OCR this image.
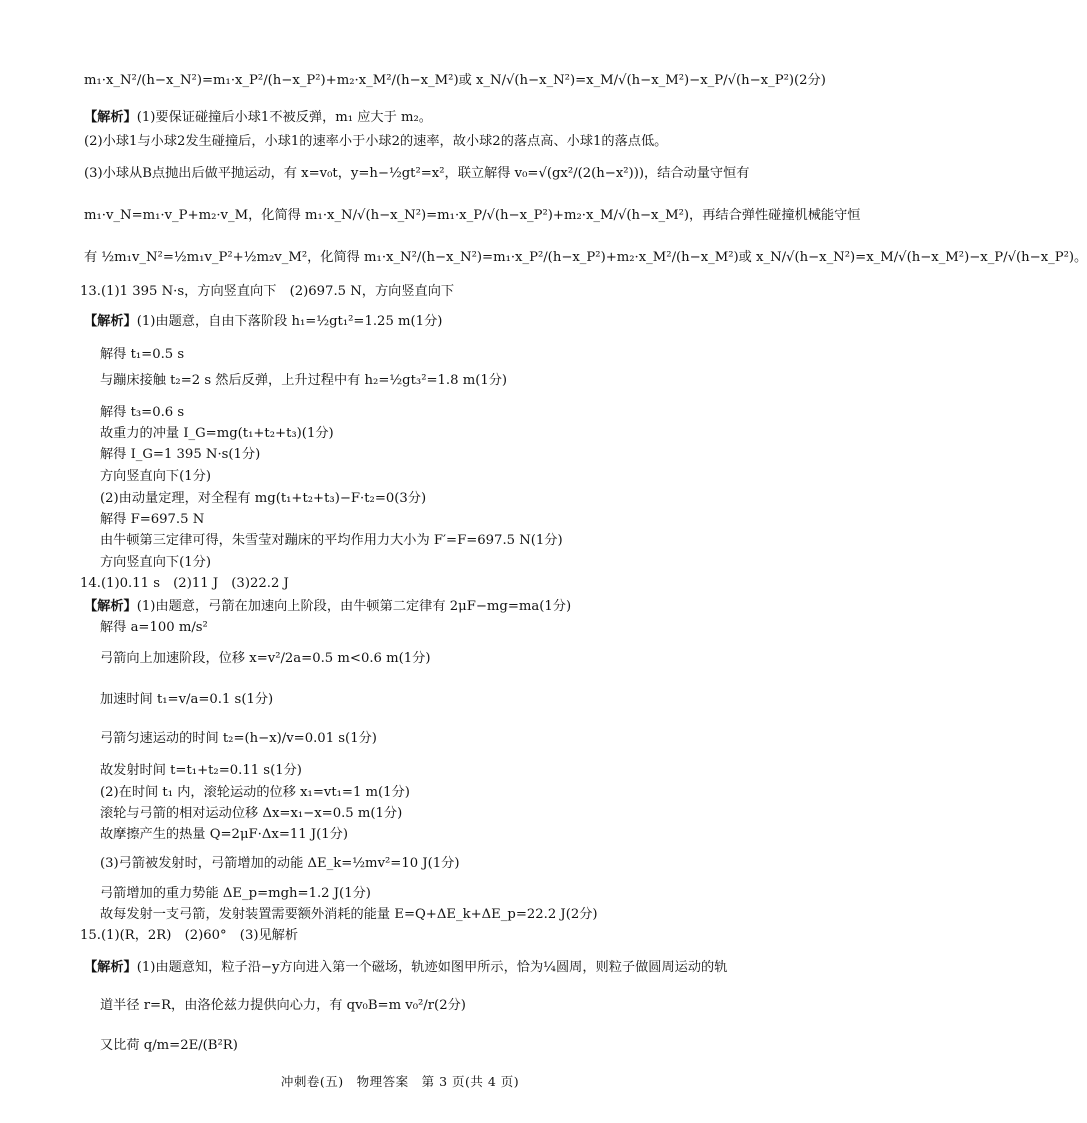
m₁·x_N²/(h−x_N²)=m₁·x_P²/(h−x_P²)+m₂·x_M²/(h−x_M²)或 x_N/√(h−x_N²)=x_M/√(h−x_M²)−x_P/√(h−x_P²)(2分)
【解析】(1)要保证碰撞后小球1不被反弹，m₁ 应大于 m₂。
(2)小球1与小球2发生碰撞后，小球1的速率小于小球2的速率，故小球2的落点高、小球1的落点低。
(3)小球从B点抛出后做平抛运动，有 x=v₀t，y=h−½gt²=x²，联立解得 v₀=√(gx²/(2(h−x²)))，结合动量守恒有
m₁·v_N=m₁·v_P+m₂·v_M，化简得 m₁·x_N/√(h−x_N²)=m₁·x_P/√(h−x_P²)+m₂·x_M/√(h−x_M²)，再结合弹性碰撞机械能守恒
有 ½m₁v_N²=½m₁v_P²+½m₂v_M²，化简得 m₁·x_N²/(h−x_N²)=m₁·x_P²/(h−x_P²)+m₂·x_M²/(h−x_M²)或 x_N/√(h−x_N²)=x_M/√(h−x_M²)−x_P/√(h−x_P²)。
13.(1)1 395 N·s，方向竖直向下　(2)697.5 N，方向竖直向下
【解析】(1)由题意，自由下落阶段 h₁=½gt₁²=1.25 m(1分)
解得 t₁=0.5 s
与蹦床接触 t₂=2 s 然后反弹，上升过程中有 h₂=½gt₃²=1.8 m(1分)
解得 t₃=0.6 s
故重力的冲量 I_G=mg(t₁+t₂+t₃)(1分)
解得 I_G=1 395 N·s(1分)
方向竖直向下(1分)
(2)由动量定理，对全程有 mg(t₁+t₂+t₃)−F·t₂=0(3分)
解得 F=697.5 N
由牛顿第三定律可得，朱雪莹对蹦床的平均作用力大小为 F′=F=697.5 N(1分)
方向竖直向下(1分)
14.(1)0.11 s　(2)11 J　(3)22.2 J
【解析】(1)由题意，弓箭在加速向上阶段，由牛顿第二定律有 2μF−mg=ma(1分)
解得 a=100 m/s²
弓箭向上加速阶段，位移 x=v²/2a=0.5 m<0.6 m(1分)
加速时间 t₁=v/a=0.1 s(1分)
弓箭匀速运动的时间 t₂=(h−x)/v=0.01 s(1分)
故发射时间 t=t₁+t₂=0.11 s(1分)
(2)在时间 t₁ 内，滚轮运动的位移 x₁=vt₁=1 m(1分)
滚轮与弓箭的相对运动位移 Δx=x₁−x=0.5 m(1分)
故摩擦产生的热量 Q=2μF·Δx=11 J(1分)
(3)弓箭被发射时，弓箭增加的动能 ΔE_k=½mv²=10 J(1分)
弓箭增加的重力势能 ΔE_p=mgh=1.2 J(1分)
故每发射一支弓箭，发射装置需要额外消耗的能量 E=Q+ΔE_k+ΔE_p=22.2 J(2分)
15.(1)(R，2R)　(2)60°　(3)见解析
【解析】(1)由题意知，粒子沿−y方向进入第一个磁场，轨迹如图甲所示，恰为¼圆周，则粒子做圆周运动的轨
道半径 r=R，由洛伦兹力提供向心力，有 qv₀B=m v₀²/r(2分)
又比荷 q/m=2E/(B²R)
冲刺卷(五)　物理答案　第 3 页(共 4 页)
